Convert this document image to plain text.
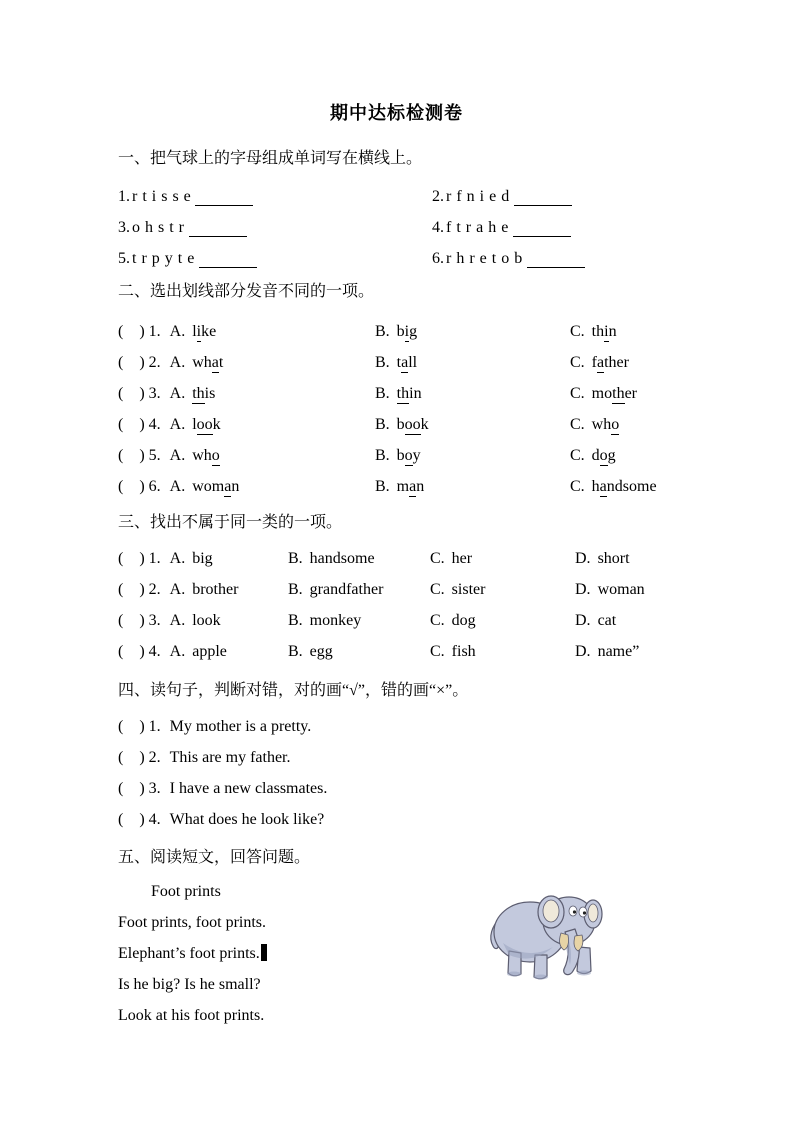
期中达标检测卷
一、把气球上的字母组成单词写在横线上。
1. r t i s s e	2. r f n i e d
3. o h s t r	4. f t r a h e
5. t r p y t e	6. r h r e t o b
二、选出划线部分发音不同的一项。
( ) 1. A. like	B. big	C. thin
( ) 2. A. what	B. tall	C. father
( ) 3. A. this	B. thin	C. mother
( ) 4. A. look	B. book	C. who
( ) 5. A. who	B. boy	C. dog
( ) 6. A. woman	B. man	C. handsome
三、找出不属于同一类的一项。
( ) 1. A. big	B. handsome	C. her	D. short
( ) 2. A. brother	B. grandfather	C. sister	D. woman
( ) 3. A. look	B. monkey	C. dog	D. cat
( ) 4. A. apple	B. egg	C. fish	D. name”
四、读句子，判断对错，对的画“√”，错的画“×”。
( ) 1. My mother is a pretty.
( ) 2. This are my father.
( ) 3. I have a new classmates.
( ) 4. What does he look like?
五、阅读短文，回答问题。
Foot prints
Foot prints, foot prints.
Elephant’s foot prints.
Is he big? Is he small?
Look at his foot prints.
